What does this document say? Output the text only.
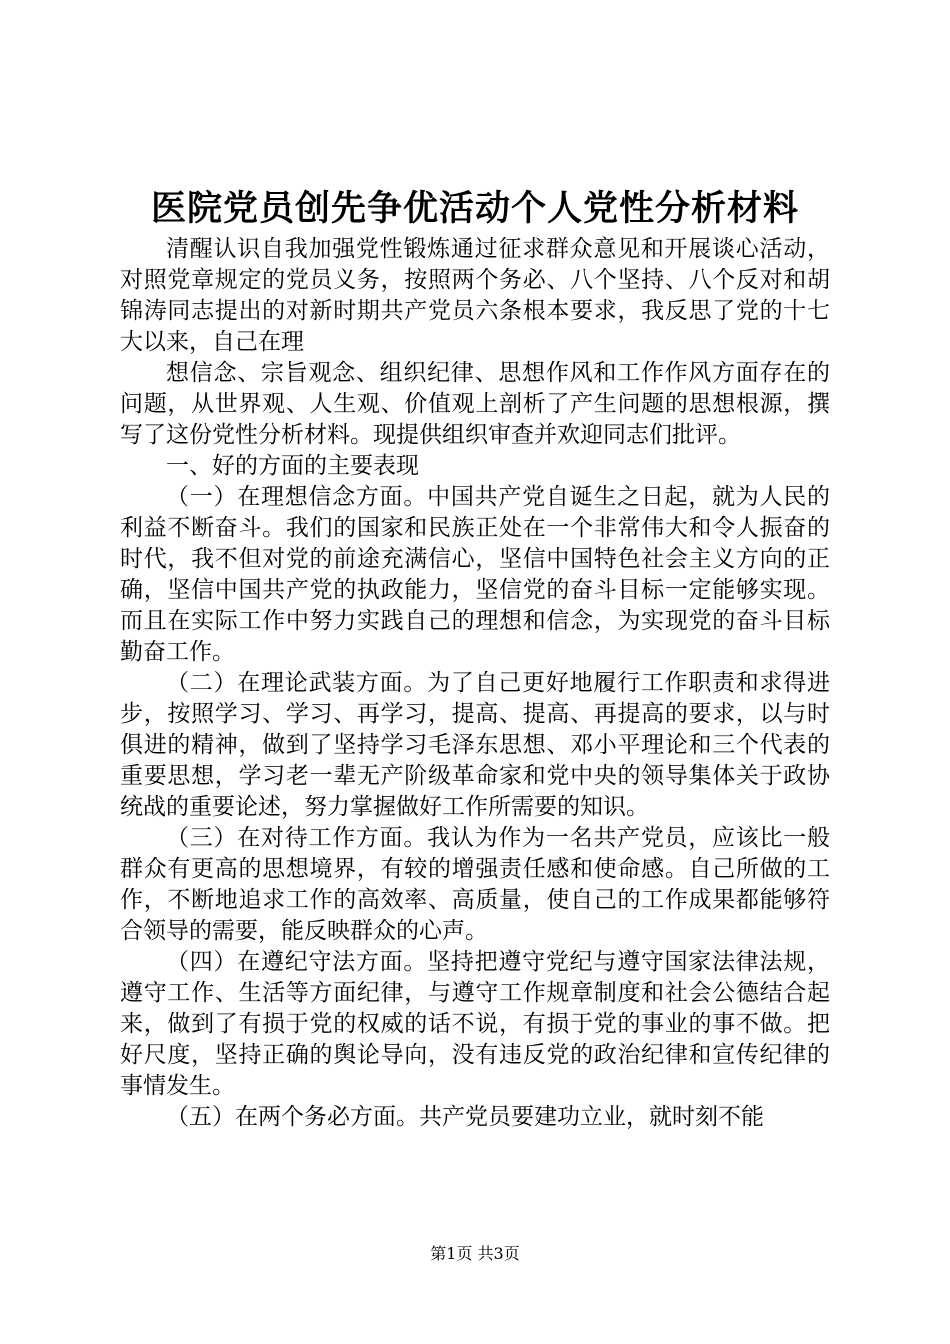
医院党员创先争优活动个人党性分析材料

清醒认识自我加强党性锻炼通过征求群众意见和开展谈心活动，对照党章规定的党员义务，按照两个务必、八个坚持、八个反对和胡锦涛同志提出的对新时期共产党员六条根本要求，我反思了党的十七大以来，自己在理

想信念、宗旨观念、组织纪律、思想作风和工作作风方面存在的问题，从世界观、人生观、价值观上剖析了产生问题的思想根源，撰写了这份党性分析材料。现提供组织审查并欢迎同志们批评。

一、好的方面的主要表现

（一）在理想信念方面。中国共产党自诞生之日起，就为人民的利益不断奋斗。我们的国家和民族正处在一个非常伟大和令人振奋的时代，我不但对党的前途充满信心，坚信中国特色社会主义方向的正确，坚信中国共产党的执政能力，坚信党的奋斗目标一定能够实现。而且在实际工作中努力实践自己的理想和信念，为实现党的奋斗目标勤奋工作。

（二）在理论武装方面。为了自己更好地履行工作职责和求得进步，按照学习、学习、再学习，提高、提高、再提高的要求，以与时俱进的精神，做到了坚持学习毛泽东思想、邓小平理论和三个代表的重要思想，学习老一辈无产阶级革命家和党中央的领导集体关于政协统战的重要论述，努力掌握做好工作所需要的知识。

（三）在对待工作方面。我认为作为一名共产党员，应该比一般群众有更高的思想境界，有较的增强责任感和使命感。自己所做的工作，不断地追求工作的高效率、高质量，使自己的工作成果都能够符合领导的需要，能反映群众的心声。

（四）在遵纪守法方面。坚持把遵守党纪与遵守国家法律法规，遵守工作、生活等方面纪律，与遵守工作规章制度和社会公德结合起来，做到了有损于党的权威的话不说，有损于党的事业的事不做。把好尺度，坚持正确的舆论导向，没有违反党的政治纪律和宣传纪律的事情发生。

（五）在两个务必方面。共产党员要建功立业，就时刻不能

第1页 共3页
